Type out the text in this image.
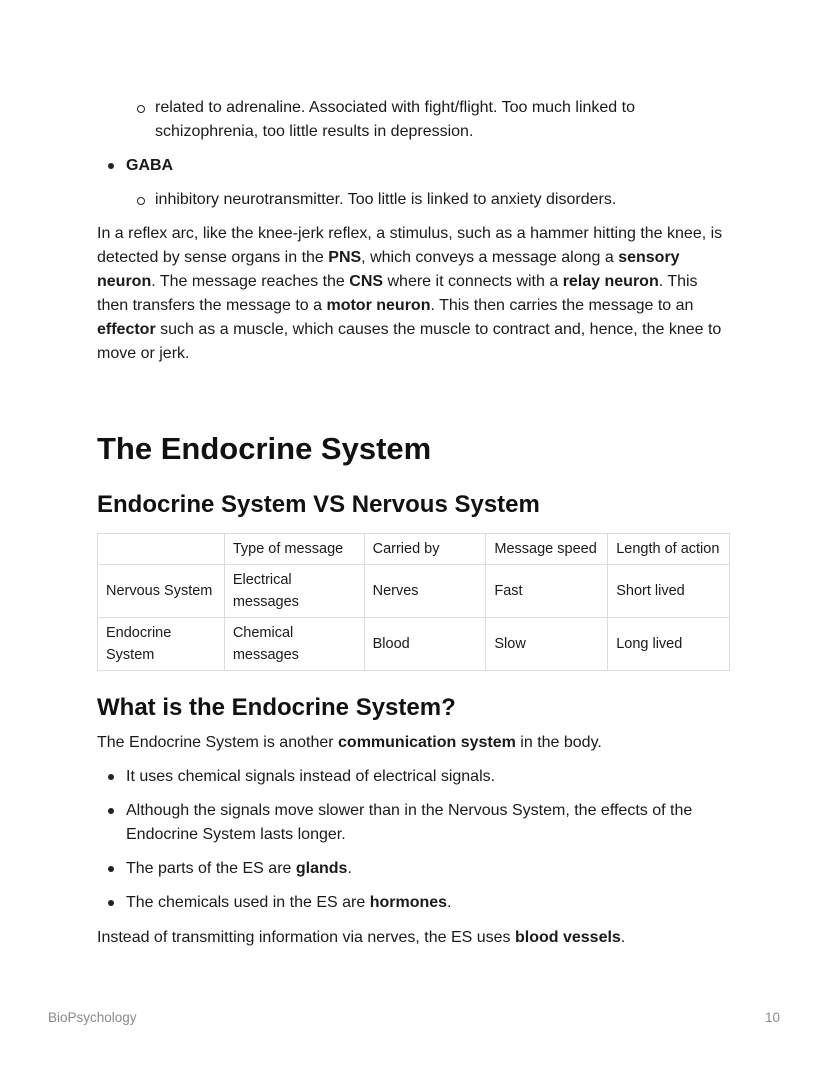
related to adrenaline. Associated with fight/flight. Too much linked to
schizophrenia, too little results in depression.
GABA
inhibitory neurotransmitter. Too little is linked to anxiety disorders.

In a reflex arc, like the knee-jerk reflex, a stimulus, such as a hammer hitting the knee, is detected by sense organs in the PNS, which conveys a message along a sensory neuron. The message reaches the CNS where it connects with a relay neuron. This then transfers the message to a motor neuron. This then carries the message to an effector such as a muscle, which causes the muscle to contract and, hence, the knee to move or jerk.

The Endocrine System
Endocrine System VS Nervous System
	Type of message	Carried by	Message speed	Length of action
Nervous System	Electrical messages	Nerves	Fast	Short lived
Endocrine System	Chemical messages	Blood	Slow	Long lived
What is the Endocrine System?

The Endocrine System is another communication system in the body.

It uses chemical signals instead of electrical signals.
Although the signals move slower than in the Nervous System, the effects of the Endocrine System lasts longer.
The parts of the ES are glands.
The chemicals used in the ES are hormones.

Instead of transmitting information via nerves, the ES uses blood vessels.

BioPsychology	10
